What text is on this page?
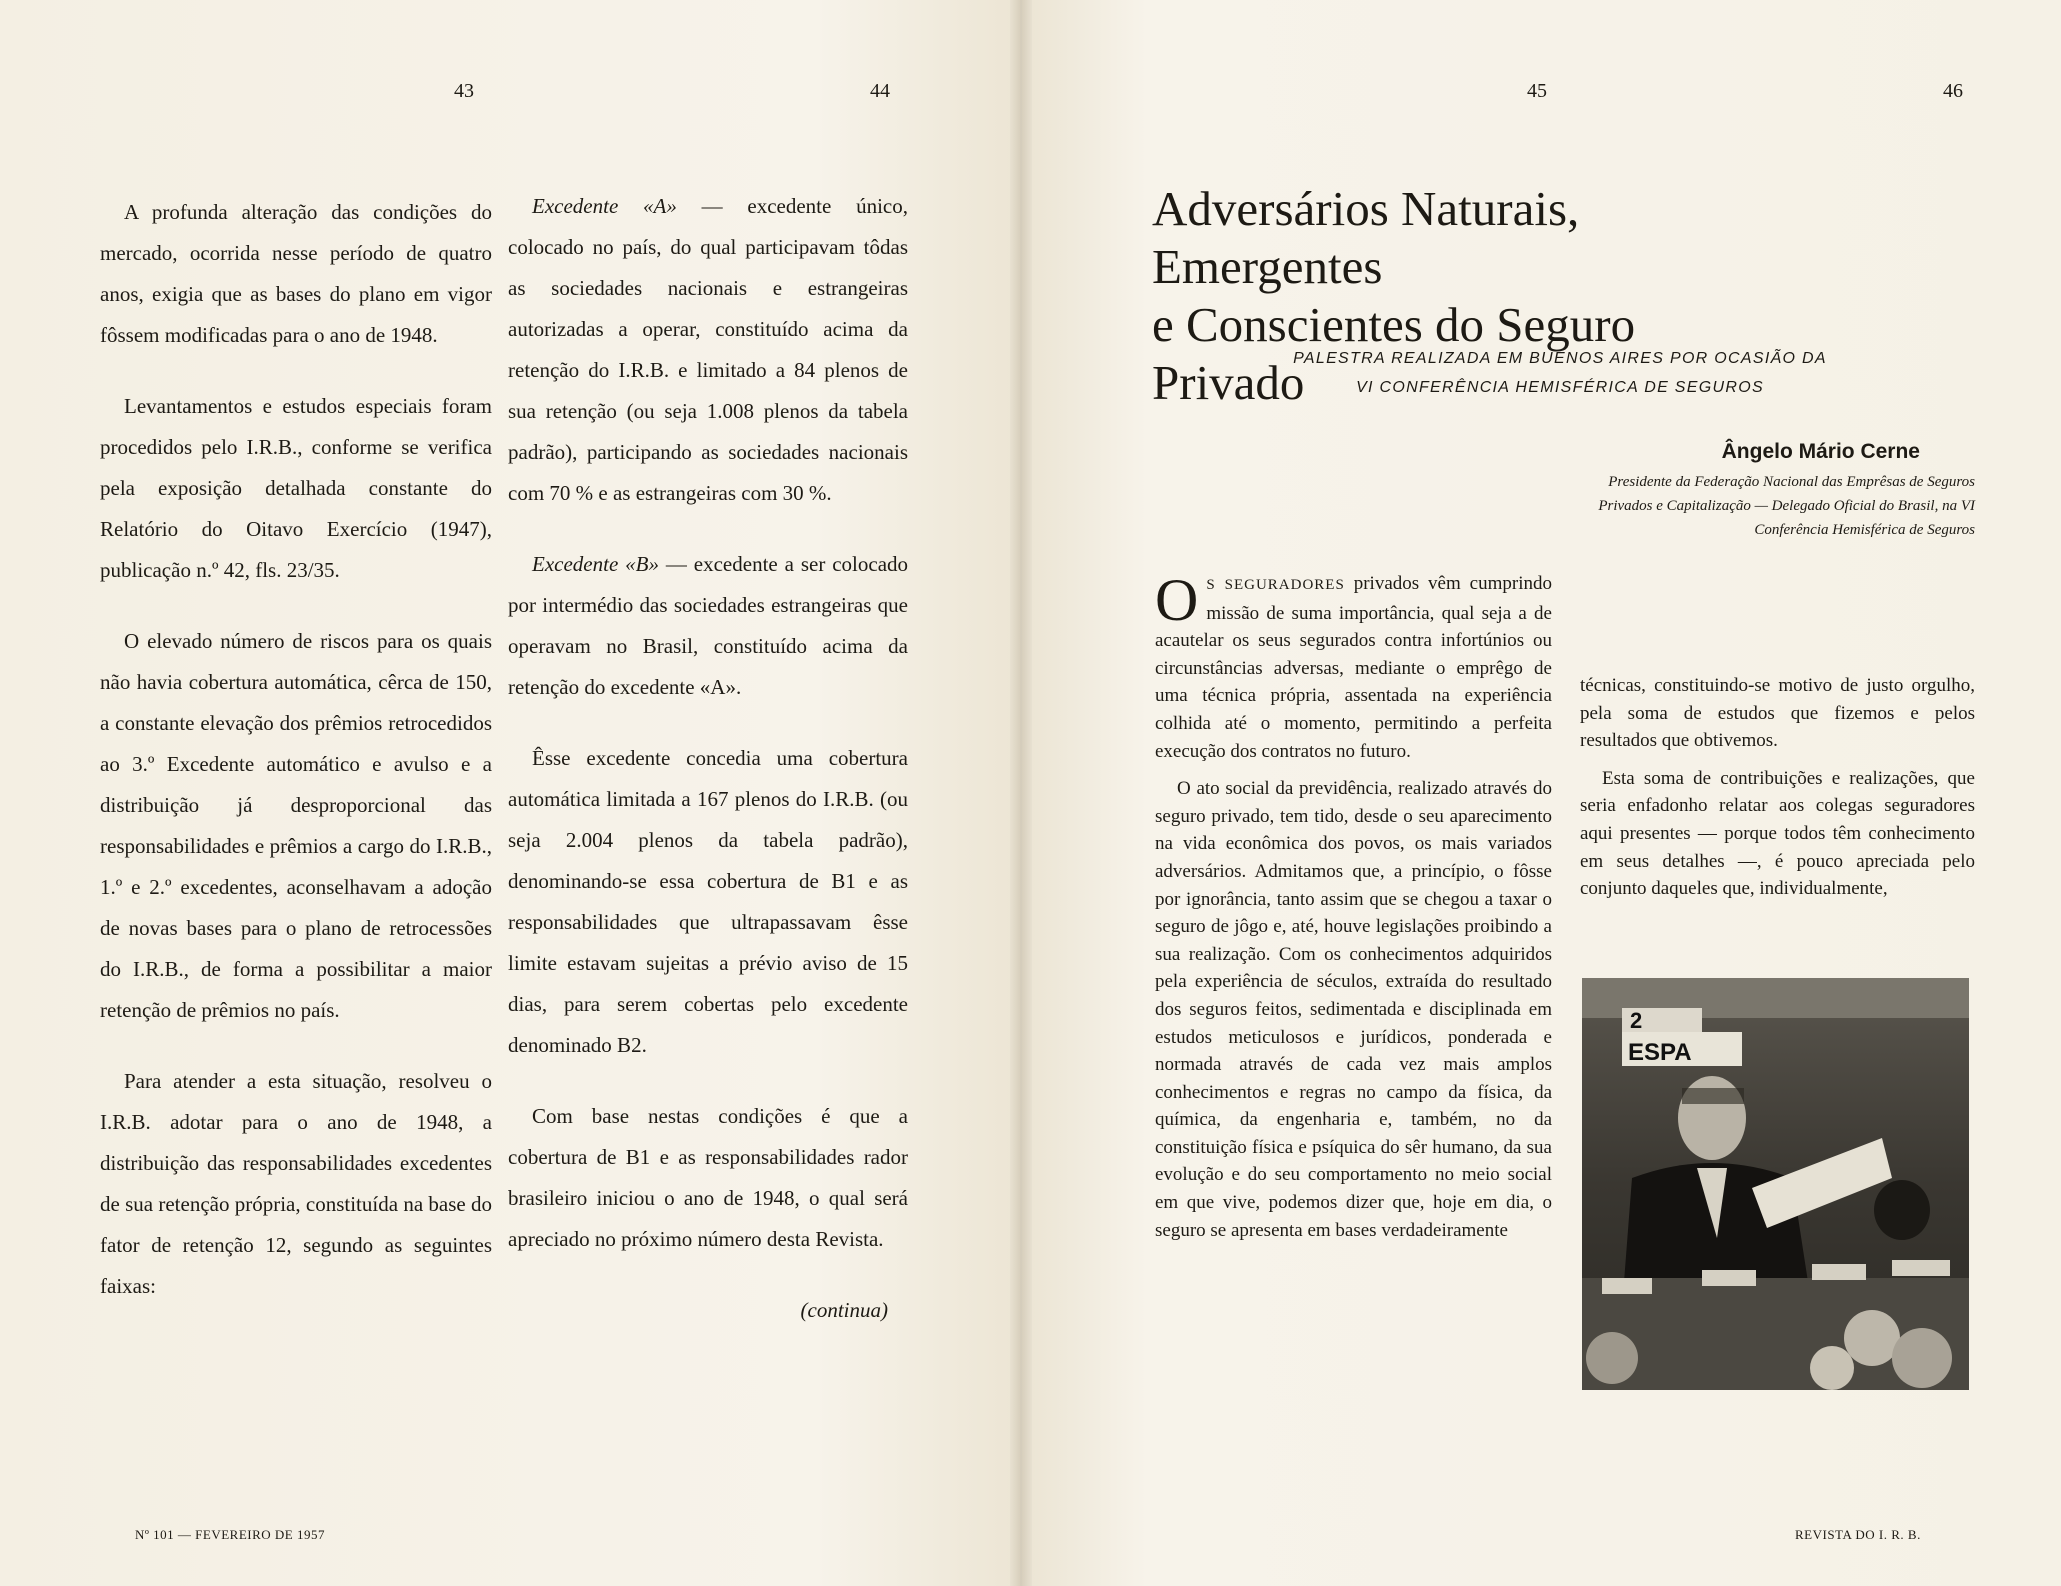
43	44	45	46

A profunda alteração das condições do mercado, ocorrida nesse período de quatro anos, exigia que as bases do plano em vigor fôssem modificadas para o ano de 1948.

Levantamentos e estudos especiais foram procedidos pelo I.R.B., conforme se verifica pela exposição detalhada constante do Relatório do Oitavo Exercício (1947), publicação n.º 42, fls. 23/35.

O elevado número de riscos para os quais não havia cobertura automática, cêrca de 150, a constante elevação dos prêmios retrocedidos ao 3.º Excedente automático e avulso e a distribuição já desproporcional das responsabilidades e prêmios a cargo do I.R.B., 1.º e 2.º excedentes, aconselhavam a adoção de novas bases para o plano de retrocessões do I.R.B., de forma a possibilitar a maior retenção de prêmios no país.

Para atender a esta situação, resolveu o I.R.B. adotar para o ano de 1948, a distribuição das responsabilidades excedentes de sua retenção própria, constituída na base do fator de retenção 12, segundo as seguintes faixas:

Excedente «A» — excedente único, colocado no país, do qual participavam tôdas as sociedades nacionais e estrangeiras autorizadas a operar, constituído acima da retenção do I.R.B. e limitado a 84 plenos de sua retenção (ou seja 1.008 plenos da tabela padrão), participando as sociedades nacionais com 70 % e as estrangeiras com 30 %.

Excedente «B» — excedente a ser colocado por intermédio das sociedades estrangeiras que operavam no Brasil, constituído acima da retenção do excedente «A».

Êsse excedente concedia uma cobertura automática limitada a 167 plenos do I.R.B. (ou seja 2.004 plenos da tabela padrão), denominando-se essa cobertura de B1 e as responsabilidades que ultrapassavam êsse limite estavam sujeitas a prévio aviso de 15 dias, para serem cobertas pelo excedente denominado B2.

Com base nestas condições é que a cobertura de B1 e as responsabilidades rador brasileiro iniciou o ano de 1948, o qual será apreciado no próximo número desta Revista.

(continua)
Nº 101 — FEVEREIRO DE 1957	REVISTA DO I. R. B.
Adversários Naturais, Emergentes
e Conscientes do Seguro Privado
PALESTRA REALIZADA EM BUENOS AIRES POR OCASIÃO DA
VI CONFERÊNCIA HEMISFÉRICA DE SEGUROS
Ângelo Mário Cerne
Presidente da Federação Nacional das Emprêsas de Seguros Privados e Capitalização — Delegado Oficial do Brasil, na VI Conferência Hemisférica de Seguros

O S SEGURADORES privados vêm cumprindo missão de suma importância, qual seja a de acautelar os seus segurados contra infortúnios ou circunstâncias adversas, mediante o emprêgo de uma técnica própria, assentada na experiência colhida até o momento, permitindo a perfeita execução dos contratos no futuro.

O ato social da previdência, realizado através do seguro privado, tem tido, desde o seu aparecimento na vida econômica dos povos, os mais variados adversários. Admitamos que, a princípio, o fôsse por ignorância, tanto assim que se chegou a taxar o seguro de jôgo e, até, houve legislações proibindo a sua realização. Com os conhecimentos adquiridos pela experiência de séculos, extraída do resultado dos seguros feitos, sedimentada e disciplinada em estudos meticulosos e jurídicos, ponderada e normada através de cada vez mais amplos conhecimentos e regras no campo da física, da química, da engenharia e, também, no da constituição física e psíquica do sêr humano, da sua evolução e do seu comportamento no meio social em que vive, podemos dizer que, hoje em dia, o seguro se apresenta em bases verdadeiramente

técnicas, constituindo-se motivo de justo orgulho, pela soma de estudos que fizemos e pelos resultados que obtivemos.

Esta soma de contribuições e realizações, que seria enfadonho relatar aos colegas seguradores aqui presentes — porque todos têm conhecimento em seus detalhes —, é pouco apreciada pelo conjunto daqueles que, individualmente,

2
ESPA
